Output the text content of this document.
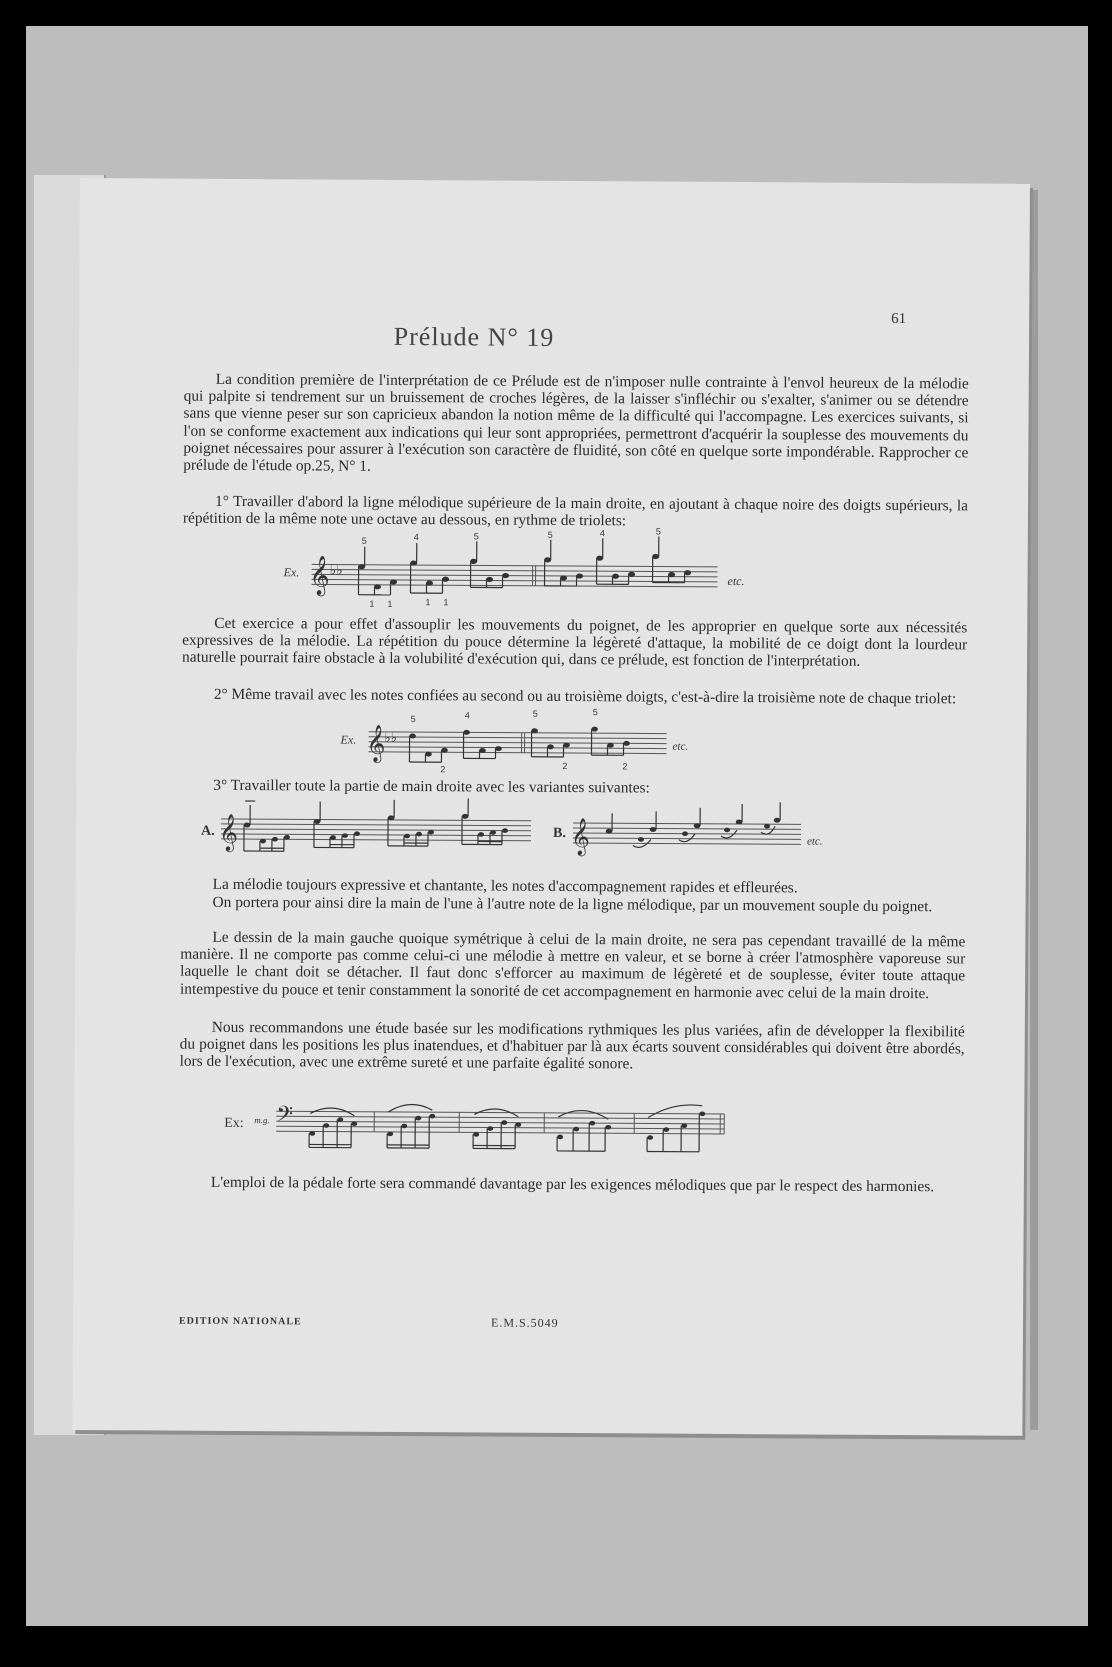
61
Prélude N° 19

La condition première de l'interprétation de ce Prélude est de n'imposer nulle contrainte à l'envol heureux de la mélodie qui palpite si tendrement sur un bruissement de croches légères, de la laisser s'infléchir ou s'exalter, s'animer ou se détendre sans que vienne peser sur son capricieux abandon la notion même de la difficulté qui l'accompagne. Les exercices suivants, si l'on se conforme exactement aux indications qui leur sont appropriées, permettront d'acquérir la souplesse des mouvements du poignet nécessaires pour assurer à l'exécution son caractère de fluidité, son côté en quelque sorte impondérable. Rapprocher ce prélude de l'étude op.25, N° 1.

1° Travailler d'abord la ligne mélodique supérieure de la main droite, en ajoutant à chaque noire des doigts supérieurs, la répétition de la même note une octave au dessous, en rythme de triolets:

Ex. 𝄞 ♭♭
5	4	5	5	4	5
1 1	1 1
etc.

Cet exercice a pour effet d'assouplir les mouvements du poignet, de les approprier en quelque sorte aux nécessités expressives de la mélodie. La répétition du pouce détermine la légèreté d'attaque, la mobilité de ce doigt dont la lourdeur naturelle pourrait faire obstacle à la volubilité d'exécution qui, dans ce prélude, est fonction de l'interprétation.

2° Même travail avec les notes confiées au second ou au troisième doigts, c'est-à-dire la troisième note de chaque triolet:

Ex. 𝄞
♭♭
5	4	5	5
2	2	2
etc.

3° Travailler toute la partie de main droite avec les variantes suivantes:

A. 𝄞	B. 𝄞	etc.

La mélodie toujours expressive et chantante, les notes d'accompagnement rapides et effleurées.

On portera pour ainsi dire la main de l'une à l'autre note de la ligne mélodique, par un mouvement souple du poignet.

Le dessin de la main gauche quoique symétrique à celui de la main droite, ne sera pas cependant travaillé de la même manière. Il ne comporte pas comme celui-ci une mélodie à mettre en valeur, et se borne à créer l'atmosphère vaporeuse sur laquelle le chant doit se détacher. Il faut donc s'efforcer au maximum de légèreté et de souplesse, éviter toute attaque intempestive du pouce et tenir constamment la sonorité de cet accompagnement en harmonie avec celui de la main droite.

Nous recommandons une étude basée sur les modifications rythmiques les plus variées, afin de développer la flexibilité du poignet dans les positions les plus inatendues, et d'habituer par là aux écarts souvent considérables qui doivent être abordés, lors de l'exécution, avec une extrême sureté et une parfaite égalité sonore.

Ex: m.g. 𝄢

L'emploi de la pédale forte sera commandé davantage par les exigences mélodiques que par le respect des harmonies.

EDITION NATIONALE	E.M.S.5049
